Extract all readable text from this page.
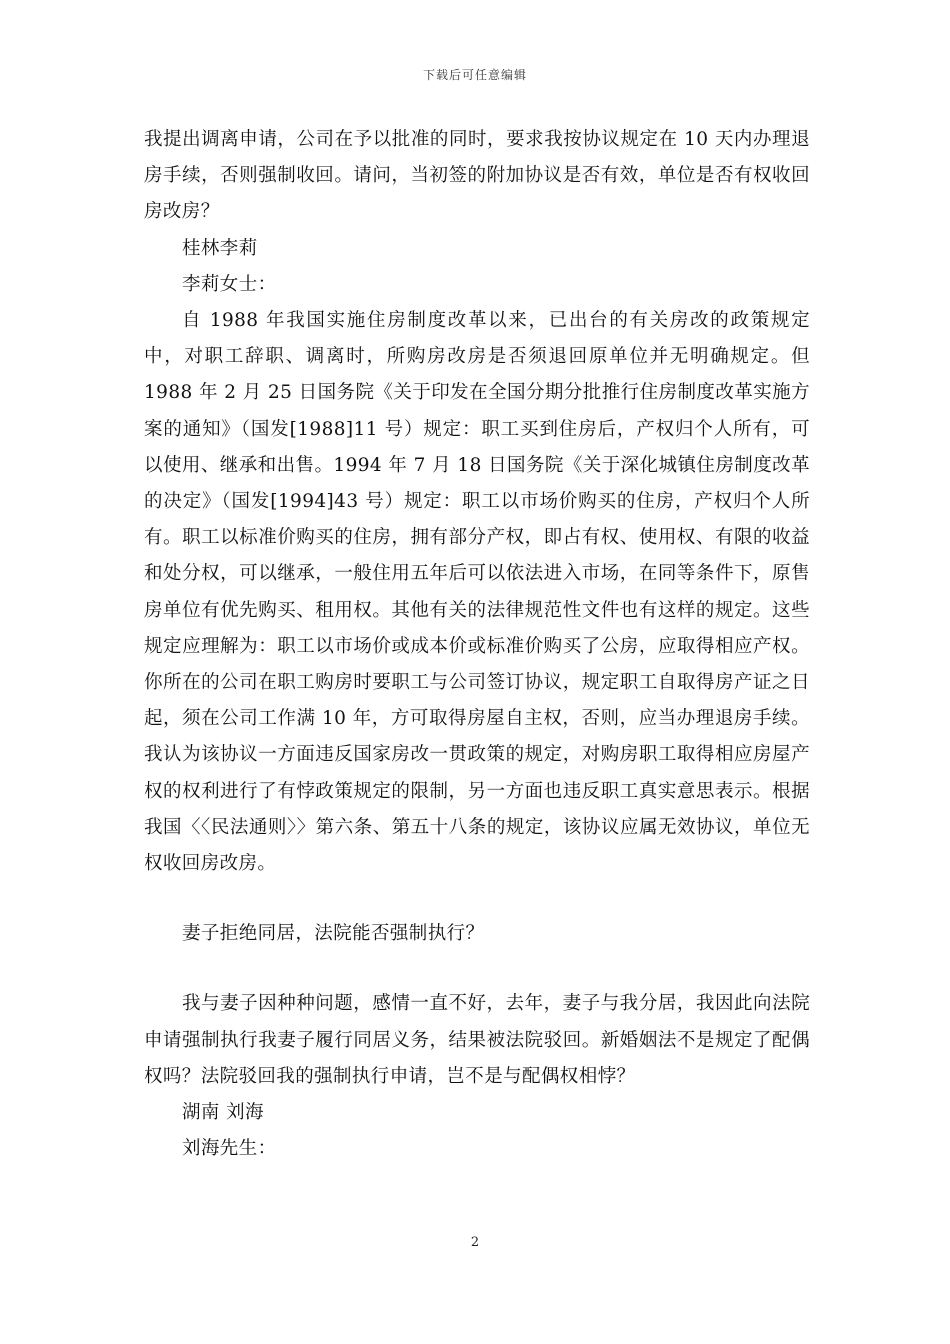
下载后可任意编辑

我提出调离申请，公司在予以批准的同时，要求我按协议规定在 10 天内办理退房手续，否则强制收回。请问，当初签的附加协议是否有效，单位是否有权收回房改房？

桂林李莉

李莉女士：

自 1988 年我国实施住房制度改革以来，已出台的有关房改的政策规定中，对职工辞职、调离时，所购房改房是否须退回原单位并无明确规定。但 1988 年 2 月 25 日国务院《关于印发在全国分期分批推行住房制度改革实施方案的通知》（国发[1988]11 号）规定：职工买到住房后，产权归个人所有，可以使用、继承和出售。1994 年 7 月 18 日国务院《关于深化城镇住房制度改革的决定》（国发[1994]43 号）规定：职工以市场价购买的住房，产权归个人所有。职工以标准价购买的住房，拥有部分产权，即占有权、使用权、有限的收益和处分权，可以继承，一般住用五年后可以依法进入市场，在同等条件下，原售房单位有优先购买、租用权。其他有关的法律规范性文件也有这样的规定。这些规定应理解为：职工以市场价或成本价或标准价购买了公房，应取得相应产权。你所在的公司在职工购房时要职工与公司签订协议，规定职工自取得房产证之日起，须在公司工作满 10 年，方可取得房屋自主权，否则，应当办理退房手续。我认为该协议一方面违反国家房改一贯政策的规定，对购房职工取得相应房屋产权的权利进行了有悖政策规定的限制，另一方面也违反职工真实意思表示。根据我国〈〈民法通则〉〉第六条、第五十八条的规定，该协议应属无效协议，单位无权收回房改房。

妻子拒绝同居，法院能否强制执行？

我与妻子因种种问题，感情一直不好，去年，妻子与我分居，我因此向法院申请强制执行我妻子履行同居义务，结果被法院驳回。新婚姻法不是规定了配偶权吗？法院驳回我的强制执行申请，岂不是与配偶权相悖？

湖南 刘海

刘海先生：

2
